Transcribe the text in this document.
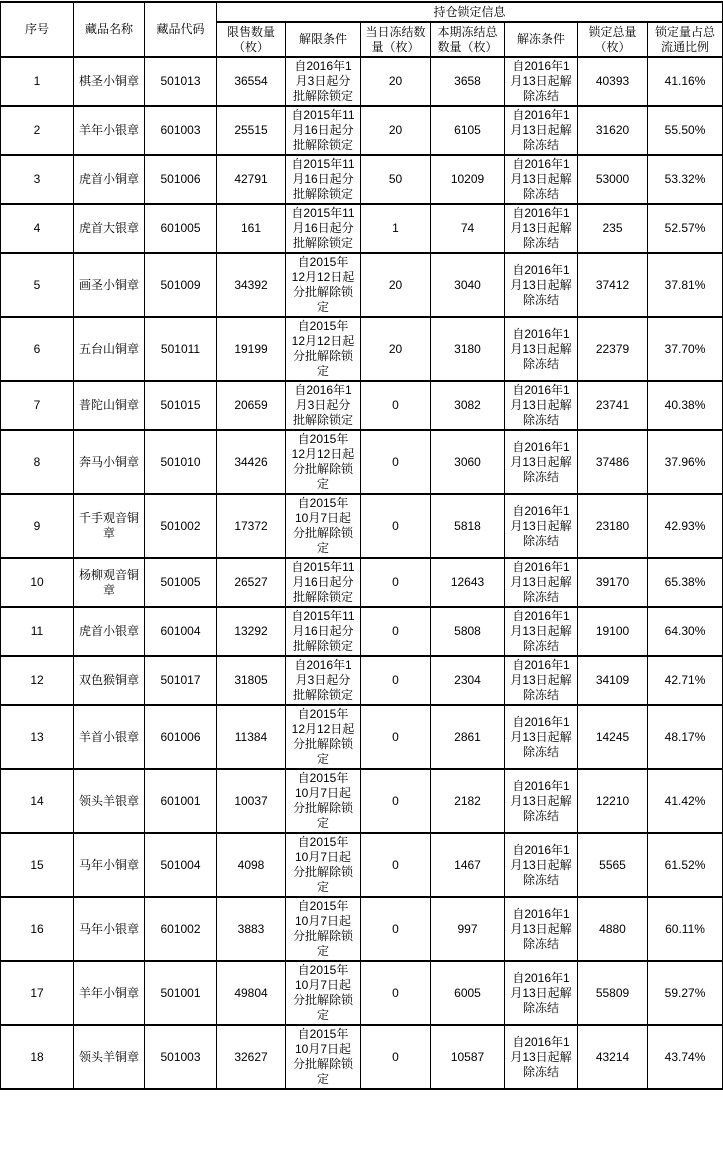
序号	藏品名称	藏品代码	持仓锁定信息						
			限售数量（枚）	解限条件	当日冻结数量（枚）	本期冻结总数量（枚）	解冻条件	锁定总量（枚）	锁定量占总流通比例
1	棋圣小铜章	501013	36554	自2016年1月3日起分批解除锁定	20	3658	自2016年1月13日起解除冻结	40393	41.16%
2	羊年小银章	601003	25515	自2015年11月16日起分批解除锁定	20	6105	自2016年1月13日起解除冻结	31620	55.50%
3	虎首小铜章	501006	42791	自2015年11月16日起分批解除锁定	50	10209	自2016年1月13日起解除冻结	53000	53.32%
4	虎首大银章	601005	161	自2015年11月16日起分批解除锁定	1	74	自2016年1月13日起解除冻结	235	52.57%
5	画圣小铜章	501009	34392	自2015年12月12日起分批解除锁定	20	3040	自2016年1月13日起解除冻结	37412	37.81%
6	五台山铜章	501011	19199	自2015年12月12日起分批解除锁定	20	3180	自2016年1月13日起解除冻结	22379	37.70%
7	普陀山铜章	501015	20659	自2016年1月3日起分批解除锁定	0	3082	自2016年1月13日起解除冻结	23741	40.38%
8	奔马小铜章	501010	34426	自2015年12月12日起分批解除锁定	0	3060	自2016年1月13日起解除冻结	37486	37.96%
9	千手观音铜章	501002	17372	自2015年10月7日起分批解除锁定	0	5818	自2016年1月13日起解除冻结	23180	42.93%
10	杨柳观音铜章	501005	26527	自2015年11月16日起分批解除锁定	0	12643	自2016年1月13日起解除冻结	39170	65.38%
11	虎首小银章	601004	13292	自2015年11月16日起分批解除锁定	0	5808	自2016年1月13日起解除冻结	19100	64.30%
12	双色猴铜章	501017	31805	自2016年1月3日起分批解除锁定	0	2304	自2016年1月13日起解除冻结	34109	42.71%
13	羊首小银章	601006	11384	自2015年12月12日起分批解除锁定	0	2861	自2016年1月13日起解除冻结	14245	48.17%
14	领头羊银章	601001	10037	自2015年10月7日起分批解除锁定	0	2182	自2016年1月13日起解除冻结	12210	41.42%
15	马年小铜章	501004	4098	自2015年10月7日起分批解除锁定	0	1467	自2016年1月13日起解除冻结	5565	61.52%
16	马年小银章	601002	3883	自2015年10月7日起分批解除锁定	0	997	自2016年1月13日起解除冻结	4880	60.11%
17	羊年小铜章	501001	49804	自2015年10月7日起分批解除锁定	0	6005	自2016年1月13日起解除冻结	55809	59.27%
18	领头羊铜章	501003	32627	自2015年10月7日起分批解除锁定	0	10587	自2016年1月13日起解除冻结	43214	43.74%
